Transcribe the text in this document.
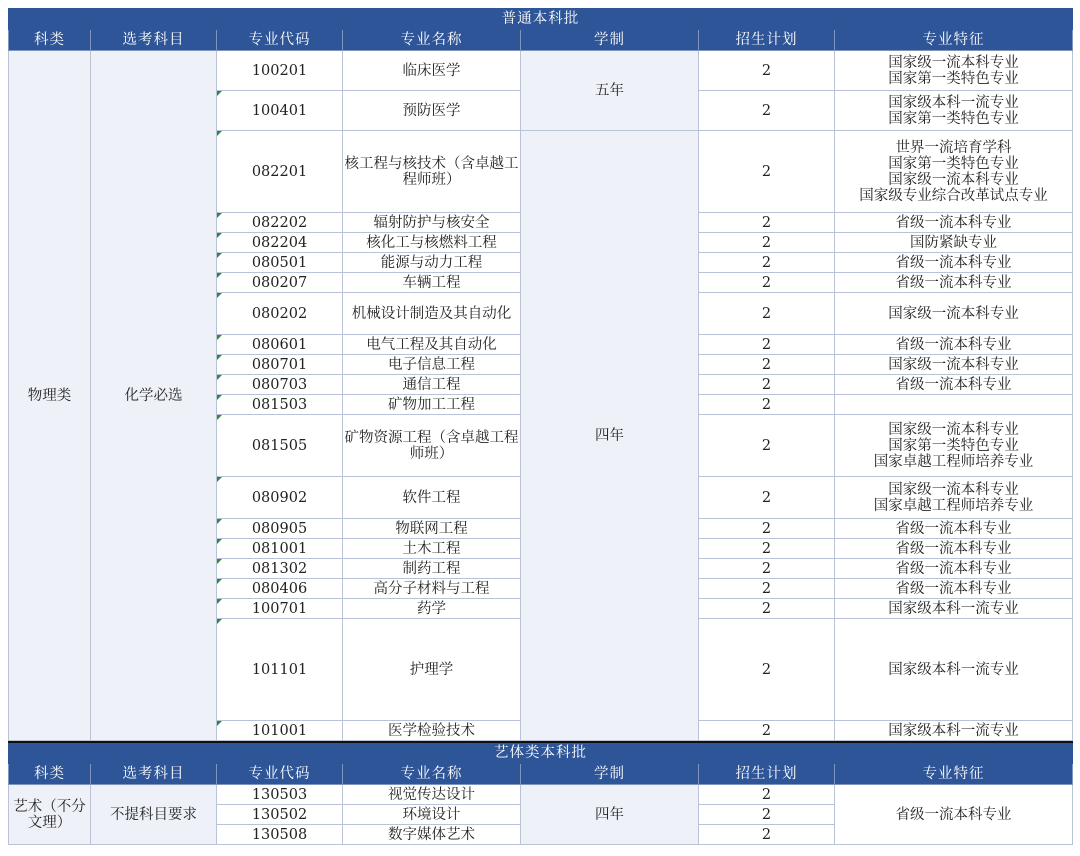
普通本科批						
科类	选考科目	专业代码	专业名称	学制	招生计划	专业特征
物理类	化学必选	100201	临床医学	五年	2	国家级一流本科专业
国家第一类特色专业

		100401	预防医学		2	国家级本科一流专业
国家第一类特色专业

		082201	核工程与核技术（含卓越工程师班）	四年	2	世界一流培育学科
国家第一类特色专业
国家级一流本科专业
国家级专业综合改革试点专业

		082202	辐射防护与核安全		2	省级一流本科专业

		082204	核化工与核燃料工程		2	国防紧缺专业

		080501	能源与动力工程		2	省级一流本科专业

		080207	车辆工程		2	省级一流本科专业

		080202	机械设计制造及其自动化		2	国家级一流本科专业

		080601	电气工程及其自动化		2	省级一流本科专业

		080701	电子信息工程		2	国家级一流本科专业

		080703	通信工程		2	省级一流本科专业

		081503	矿物加工工程		2	
		081505	矿物资源工程（含卓越工程师班）		2	国家级一流本科专业
国家第一类特色专业
国家卓越工程师培养专业

		080902	软件工程		2	国家级一流本科专业
国家卓越工程师培养专业

		080905	物联网工程		2	省级一流本科专业

		081001	土木工程		2	省级一流本科专业

		081302	制药工程		2	省级一流本科专业

		080406	高分子材料与工程		2	省级一流本科专业

		100701	药学		2	国家级本科一流专业

		101101	护理学		2	国家级本科一流专业

		101001	医学检验技术		2	国家级本科一流专业
艺体类本科批						
科类	选考科目	专业代码	专业名称	学制	招生计划	专业特征
艺术（不分文理）	不提科目要求	130503	视觉传达设计	四年	2	省级一流本科专业
		130502	环境设计		2	
		130508	数字媒体艺术		2	
